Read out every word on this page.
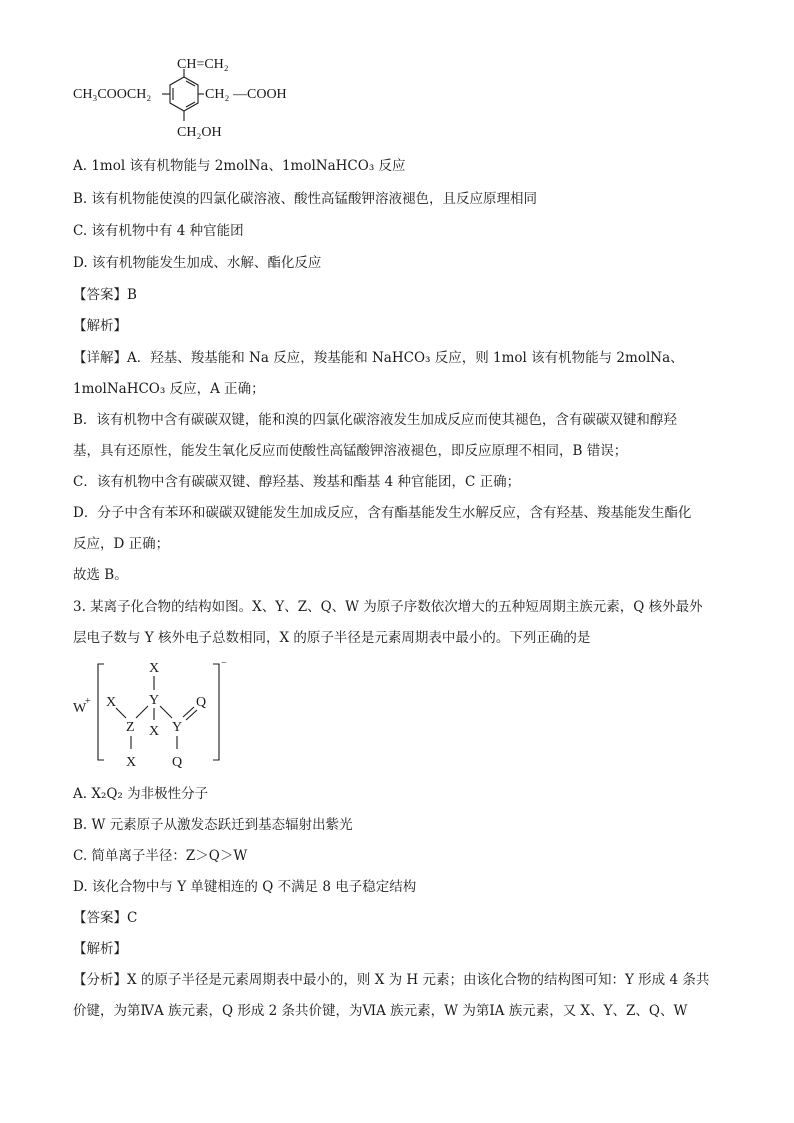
CH=CH₂
CH₃COOCH₂	CH₂ — COOH
CH₂OH
A. 1mol 该有机物能与 2molNa、1molNaHCO₃ 反应
B. 该有机物能使溴的四氯化碳溶液、酸性高锰酸钾溶液褪色，且反应原理相同
C. 该有机物中有 4 种官能团
D. 该有机物能发生加成、水解、酯化反应
【答案】B
【解析】
【详解】A．羟基、羧基能和 Na 反应，羧基能和 NaHCO₃ 反应，则 1mol 该有机物能与 2molNa、
1molNaHCO₃ 反应，A 正确；
B．该有机物中含有碳碳双键，能和溴的四氯化碳溶液发生加成反应而使其褪色，含有碳碳双键和醇羟
基，具有还原性，能发生氧化反应而使酸性高锰酸钾溶液褪色，即反应原理不相同，B 错误；
C．该有机物中含有碳碳双键、醇羟基、羧基和酯基 4 种官能团，C 正确；
D．分子中含有苯环和碳碳双键能发生加成反应，含有酯基能发生水解反应，含有羟基、羧基能发生酯化
反应，D 正确；
故选 B。
3. 某离子化合物的结构如图。X、Y、Z、Q、W 为原子序数依次增大的五种短周期主族元素，Q 核外最外
层电子数与 Y 核外电子总数相同，X 的原子半径是元素周期表中最小的。下列正确的是
W
+
−
X
Y
X
Z X Y
Q
X	Q
A. X₂Q₂ 为非极性分子
B. W 元素原子从激发态跃迁到基态辐射出紫光
C. 简单离子半径：Z＞Q＞W
D. 该化合物中与 Y 单键相连的 Q 不满足 8 电子稳定结构
【答案】C
【解析】
【分析】X 的原子半径是元素周期表中最小的，则 X 为 H 元素；由该化合物的结构图可知：Y 形成 4 条共
价键，为第ⅣA 族元素，Q 形成 2 条共价键，为ⅥA 族元素，W 为第ⅠA 族元素，又 X、Y、Z、Q、W
